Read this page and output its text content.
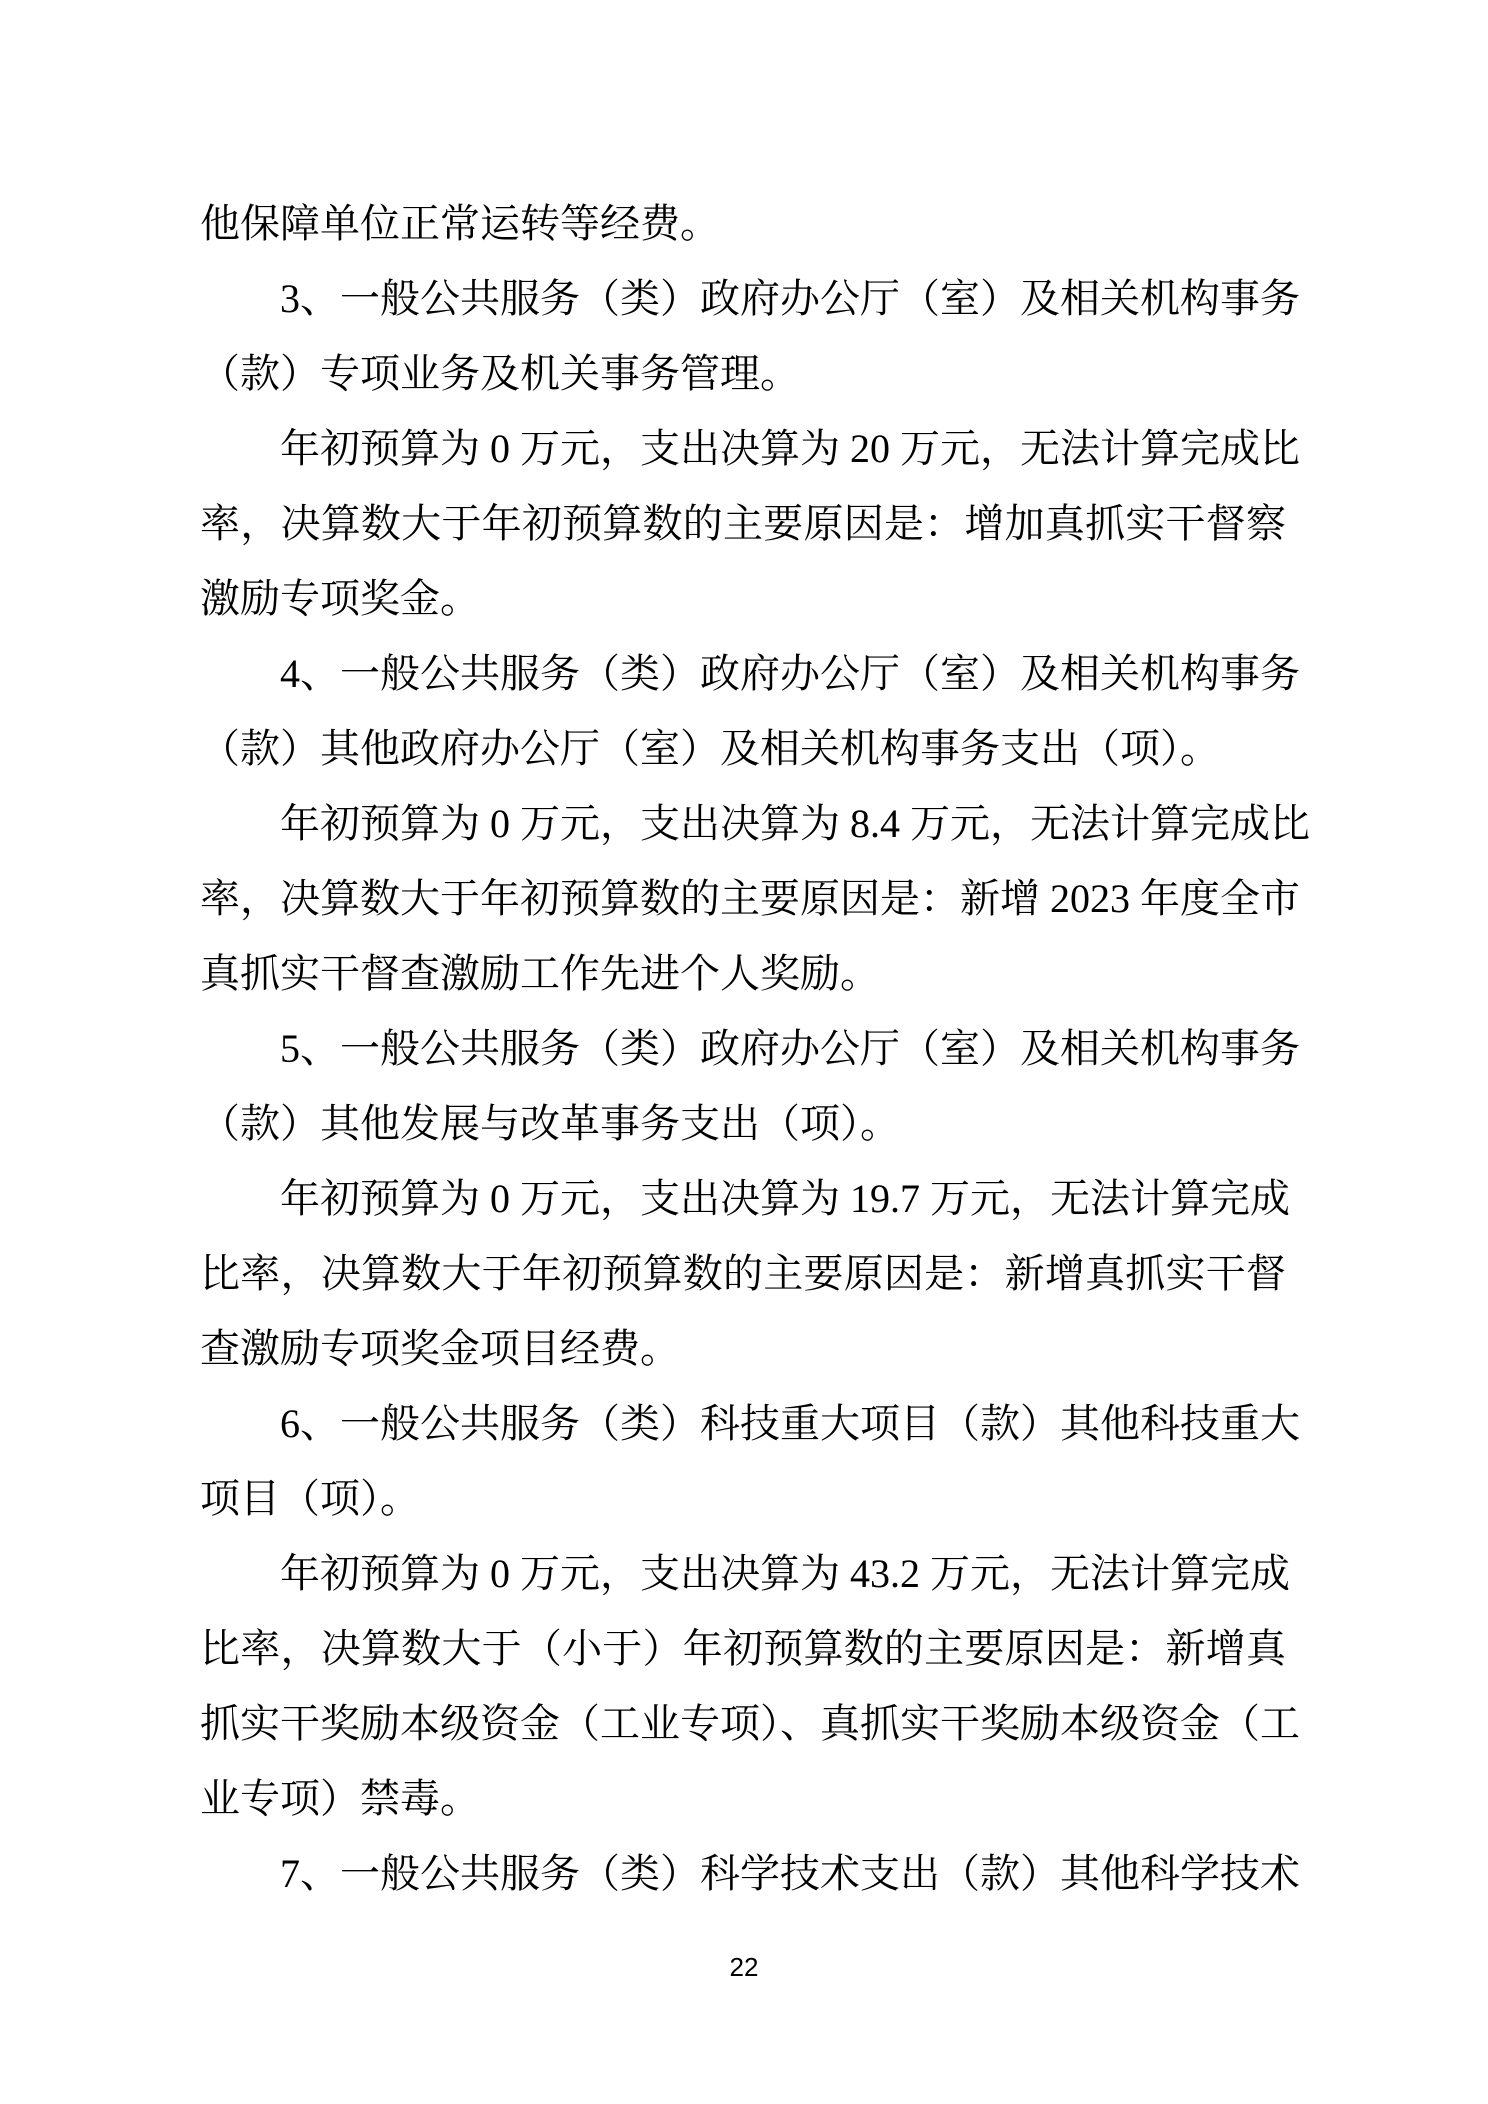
他保障单位正常运转等经费。

3、一般公共服务（类）政府办公厅（室）及相关机构事务

（款）专项业务及机关事务管理。

年初预算为 0 万元，支出决算为 20 万元，无法计算完成比

率，决算数大于年初预算数的主要原因是：增加真抓实干督察

激励专项奖金。

4、一般公共服务（类）政府办公厅（室）及相关机构事务

（款）其他政府办公厅（室）及相关机构事务支出（项）。

年初预算为 0 万元，支出决算为 8.4 万元，无法计算完成比

率，决算数大于年初预算数的主要原因是：新增 2023 年度全市

真抓实干督查激励工作先进个人奖励。

5、一般公共服务（类）政府办公厅（室）及相关机构事务

（款）其他发展与改革事务支出（项）。

年初预算为 0 万元，支出决算为 19.7 万元，无法计算完成

比率，决算数大于年初预算数的主要原因是：新增真抓实干督

查激励专项奖金项目经费。

6、一般公共服务（类）科技重大项目（款）其他科技重大

项目（项）。

年初预算为 0 万元，支出决算为 43.2 万元，无法计算完成

比率，决算数大于（小于）年初预算数的主要原因是：新增真

抓实干奖励本级资金（工业专项）、真抓实干奖励本级资金（工

业专项）禁毒。

7、一般公共服务（类）科学技术支出（款）其他科学技术

22
